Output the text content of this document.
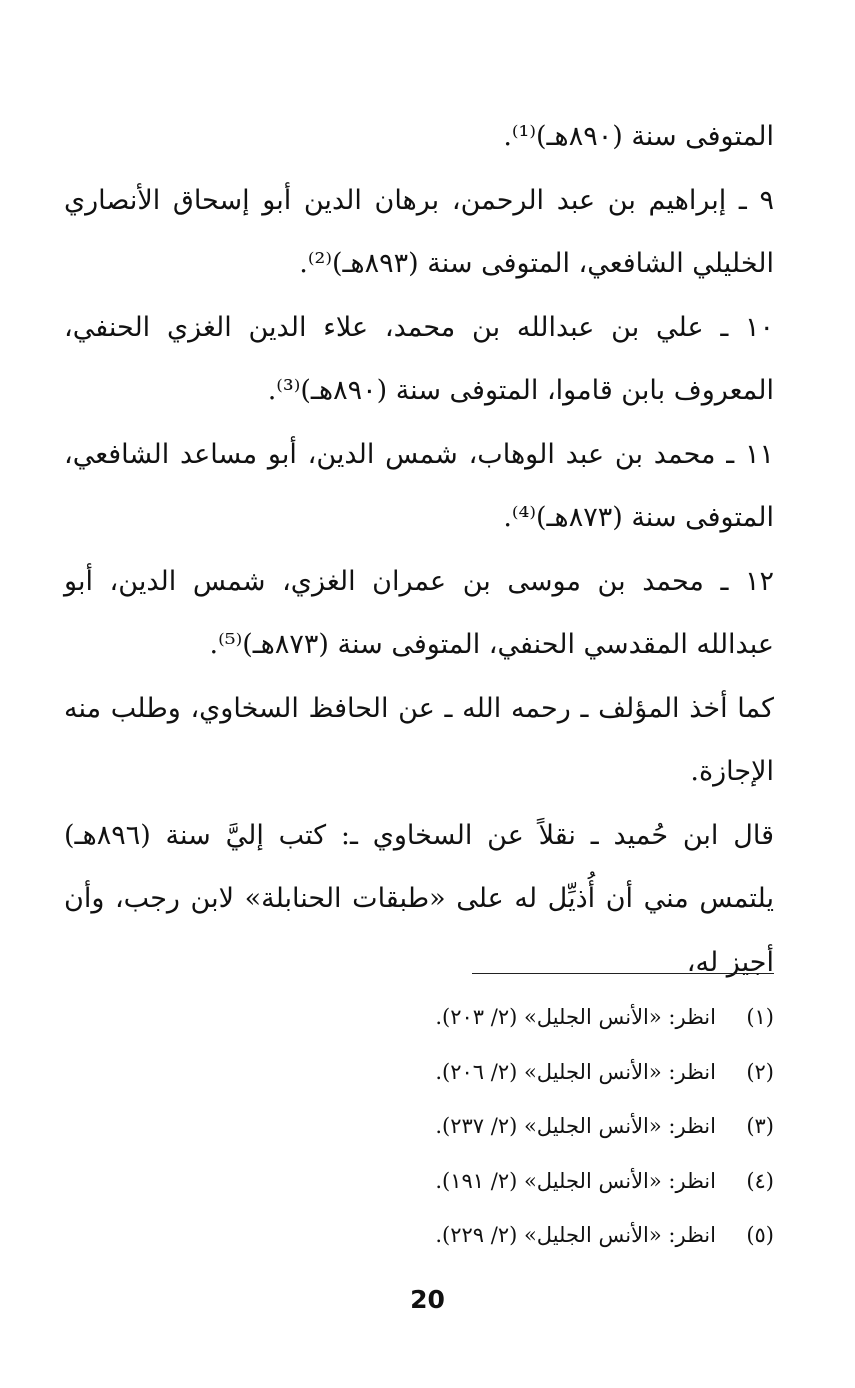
المتوفى سنة (٨٩٠هـ)⁽¹⁾.

٩ ـ إبراهيم بن عبد الرحمن، برهان الدين أبو إسحاق الأنصاري الخليلي الشافعي، المتوفى سنة (٨٩٣هـ)⁽²⁾.

١٠ ـ علي بن عبدالله بن محمد، علاء الدين الغزي الحنفي، المعروف بابن قاموا، المتوفى سنة (٨٩٠هـ)⁽³⁾.

١١ ـ محمد بن عبد الوهاب، شمس الدين، أبو مساعد الشافعي، المتوفى سنة (٨٧٣هـ)⁽⁴⁾.

١٢ ـ محمد بن موسى بن عمران الغزي، شمس الدين، أبو عبدالله المقدسي الحنفي، المتوفى سنة (٨٧٣هـ)⁽⁵⁾.

كما أخذ المؤلف ـ رحمه الله ـ عن الحافظ السخاوي، وطلب منه الإجازة.

قال ابن حُميد ـ نقلاً عن السخاوي ـ: كتب إليَّ سنة (٨٩٦هـ) يلتمس مني أن أُذيِّل له على «طبقات الحنابلة» لابن رجب، وأن أجيز له،

(١)
انظر: «الأنس الجليل» (٢/ ٢٠٣).
(٢)
انظر: «الأنس الجليل» (٢/ ٢٠٦).
(٣)
انظر: «الأنس الجليل» (٢/ ٢٣٧).
(٤)
انظر: «الأنس الجليل» (٢/ ١٩١).
(٥)
انظر: «الأنس الجليل» (٢/ ٢٢٩).
20
